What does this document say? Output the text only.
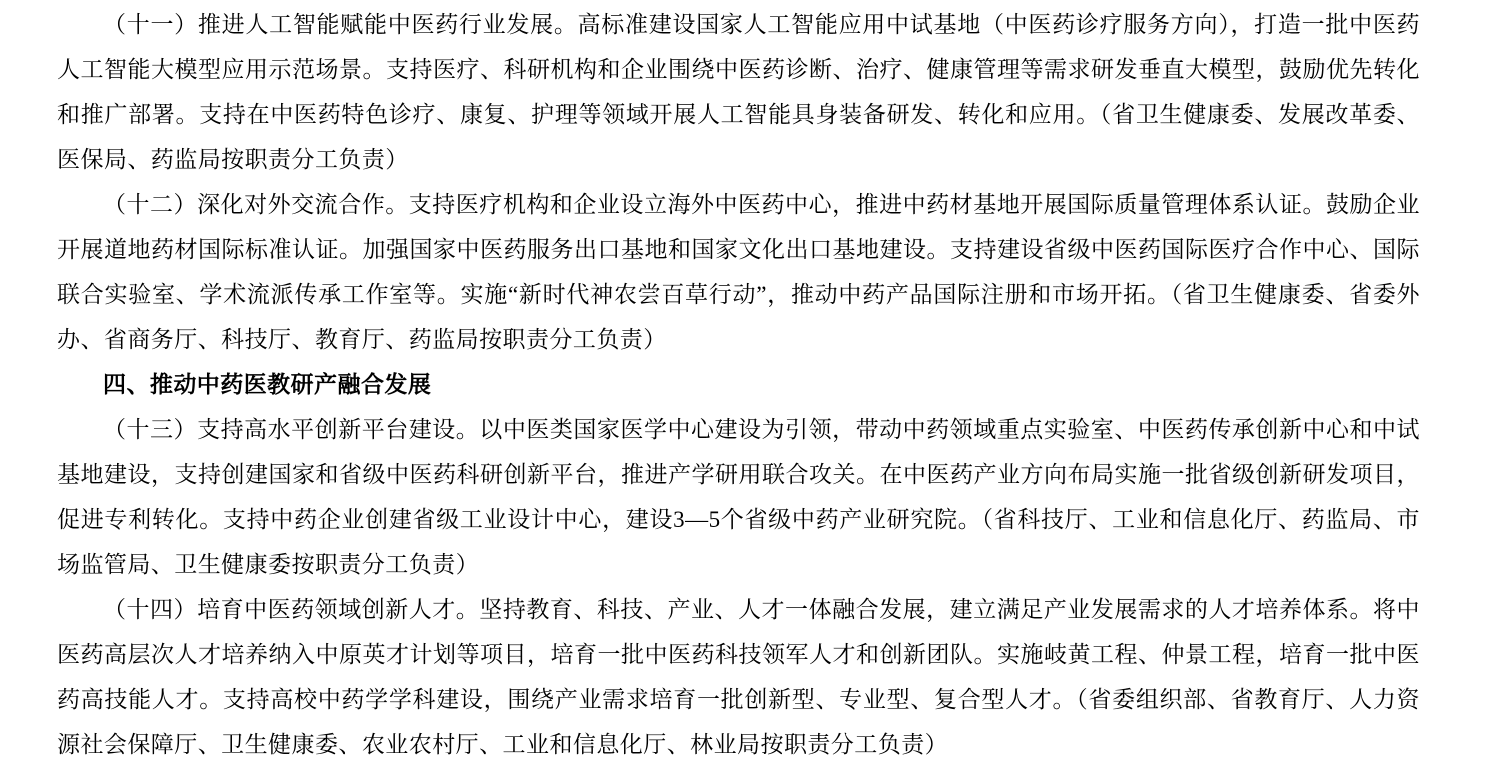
（十一）推进人工智能赋能中医药行业发展。高标准建设国家人工智能应用中试基地（中医药诊疗服务方向），打造一批中医药人工智能大模型应用示范场景。支持医疗、科研机构和企业围绕中医药诊断、治疗、健康管理等需求研发垂直大模型，鼓励优先转化和推广部署。支持在中医药特色诊疗、康复、护理等领域开展人工智能具身装备研发、转化和应用。（省卫生健康委、发展改革委、医保局、药监局按职责分工负责）

（十二）深化对外交流合作。支持医疗机构和企业设立海外中医药中心，推进中药材基地开展国际质量管理体系认证。鼓励企业开展道地药材国际标准认证。加强国家中医药服务出口基地和国家文化出口基地建设。支持建设省级中医药国际医疗合作中心、国际联合实验室、学术流派传承工作室等。实施“新时代神农尝百草行动”，推动中药产品国际注册和市场开拓。（省卫生健康委、省委外办、省商务厅、科技厅、教育厅、药监局按职责分工负责）

四、推动中药医教研产融合发展

（十三）支持高水平创新平台建设。以中医类国家医学中心建设为引领，带动中药领域重点实验室、中医药传承创新中心和中试基地建设，支持创建国家和省级中医药科研创新平台，推进产学研用联合攻关。在中医药产业方向布局实施一批省级创新研发项目，促进专利转化。支持中药企业创建省级工业设计中心，建设3—5个省级中药产业研究院。（省科技厅、工业和信息化厅、药监局、市场监管局、卫生健康委按职责分工负责）

（十四）培育中医药领域创新人才。坚持教育、科技、产业、人才一体融合发展，建立满足产业发展需求的人才培养体系。将中医药高层次人才培养纳入中原英才计划等项目，培育一批中医药科技领军人才和创新团队。实施岐黄工程、仲景工程，培育一批中医药高技能人才。支持高校中药学学科建设，围绕产业需求培育一批创新型、专业型、复合型人才。（省委组织部、省教育厅、人力资源社会保障厅、卫生健康委、农业农村厅、工业和信息化厅、林业局按职责分工负责）
